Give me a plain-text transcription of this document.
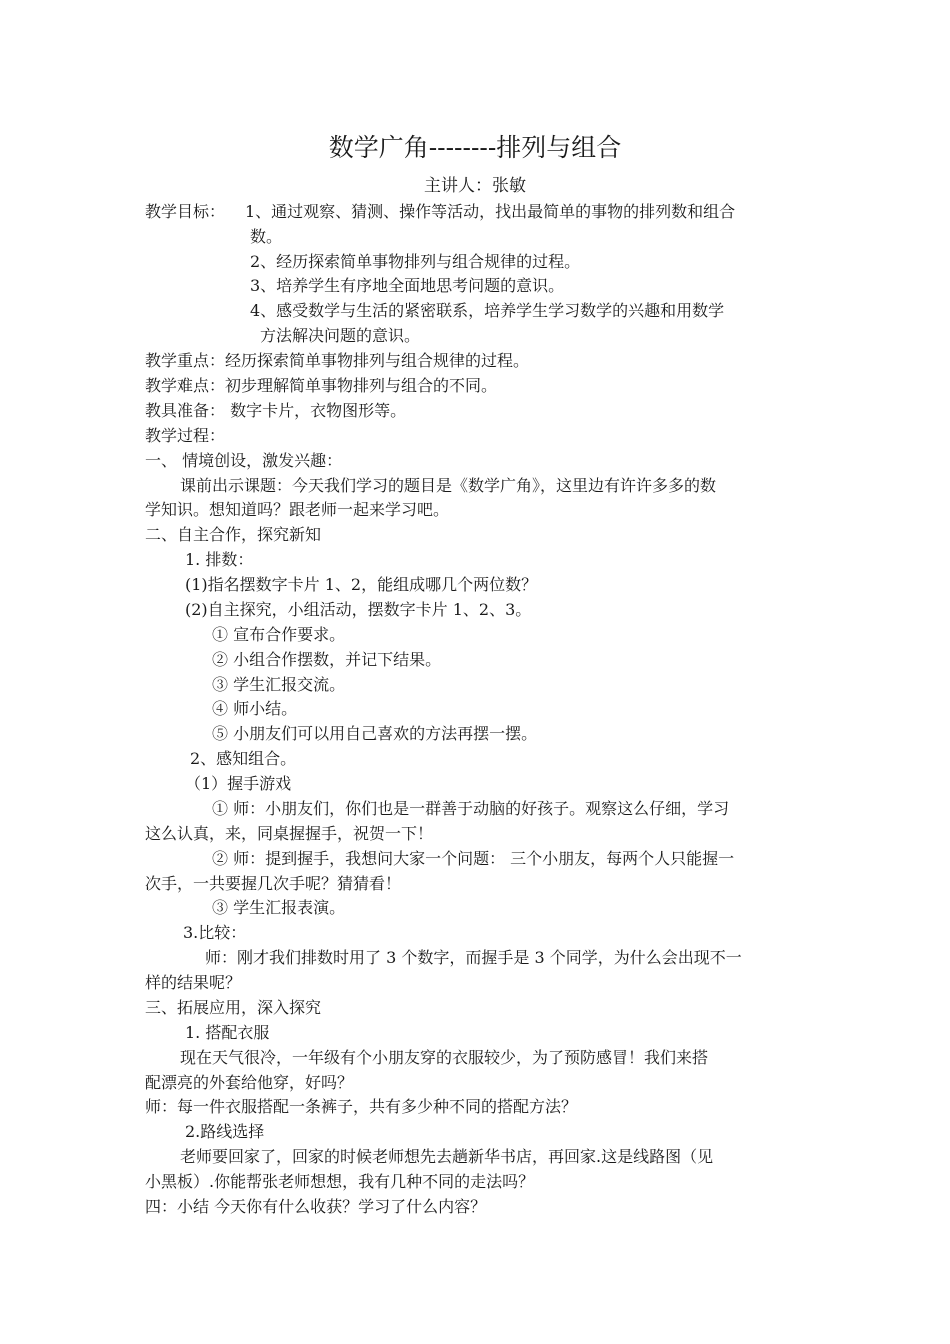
数学广角--------排列与组合
主讲人：张敏
教学目标： 1、通过观察、猜测、操作等活动，找出最简单的事物的排列数和组合
数。
2、经历探索简单事物排列与组合规律的过程。
3、培养学生有序地全面地思考问题的意识。
4、感受数学与生活的紧密联系，培养学生学习数学的兴趣和用数学
方法解决问题的意识。
教学重点：经历探索简单事物排列与组合规律的过程。
教学难点：初步理解简单事物排列与组合的不同。
教具准备： 数字卡片，衣物图形等。
教学过程：
一、 情境创设，激发兴趣：
课前出示课题：今天我们学习的题目是《数学广角》，这里边有许许多多的数
学知识。想知道吗？跟老师一起来学习吧。
二、自主合作，探究新知
1. 排数：
(1)指名摆数字卡片 1、2，能组成哪几个两位数？
(2)自主探究，小组活动，摆数字卡片 1、2、3。
① 宣布合作要求。
② 小组合作摆数，并记下结果。
③ 学生汇报交流。
④ 师小结。
⑤ 小朋友们可以用自己喜欢的方法再摆一摆。
2、感知组合。
（1）握手游戏
① 师：小朋友们，你们也是一群善于动脑的好孩子。观察这么仔细，学习
这么认真，来，同桌握握手，祝贺一下！
② 师：提到握手，我想问大家一个问题： 三个小朋友，每两个人只能握一
次手，一共要握几次手呢？猜猜看！
③ 学生汇报表演。
3.比较：
师：刚才我们排数时用了 3 个数字，而握手是 3 个同学，为什么会出现不一
样的结果呢？
三、拓展应用，深入探究
1. 搭配衣服
现在天气很冷，一年级有个小朋友穿的衣服较少，为了预防感冒！我们来搭
配漂亮的外套给他穿，好吗？
师：每一件衣服搭配一条裤子，共有多少种不同的搭配方法？
2.路线选择
老师要回家了，回家的时候老师想先去趟新华书店，再回家.这是线路图（见
小黑板）.你能帮张老师想想，我有几种不同的走法吗？
四：小结 今天你有什么收获？学习了什么内容？
